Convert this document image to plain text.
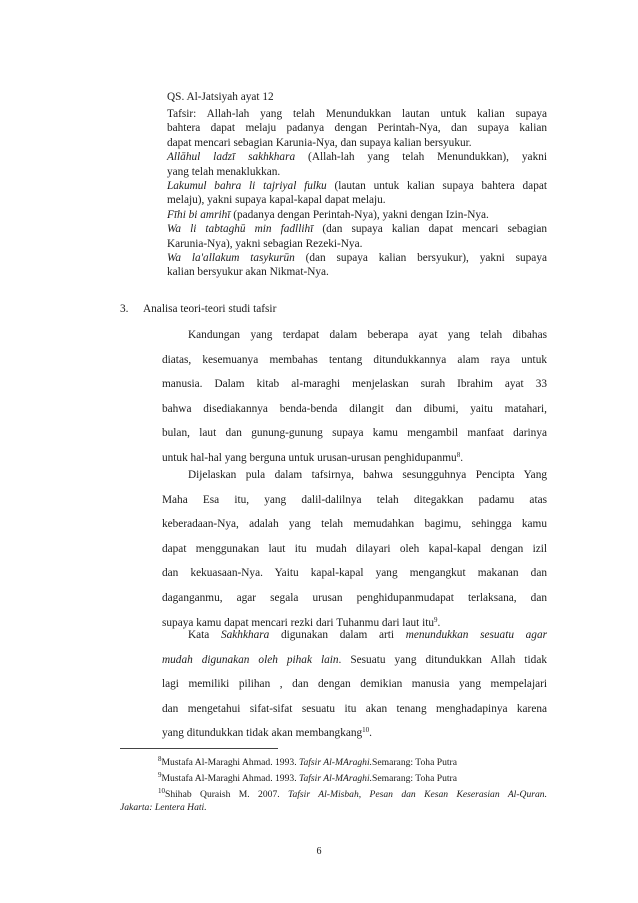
QS. Al-Jatsiyah ayat 12
Tafsir: Allah-lah yang telah Menundukkan lautan untuk kalian supaya
bahtera dapat melaju padanya dengan Perintah-Nya, dan supaya kalian
dapat mencari sebagian Karunia-Nya, dan supaya kalian bersyukur.
Allāhul ladzī sakhkhara (Allah-lah yang telah Menundukkan), yakni
yang telah menaklukkan.
Lakumul bahra li tajriyal fulku (lautan untuk kalian supaya bahtera dapat
melaju), yakni supaya kapal-kapal dapat melaju.
Fīhi bi amrihī (padanya dengan Perintah-Nya), yakni dengan Izin-Nya.
Wa li tabtaghū min fadllihī (dan supaya kalian dapat mencari sebagian
Karunia-Nya), yakni sebagian Rezeki-Nya.
Wa la'allakum tasykurūn (dan supaya kalian bersyukur), yakni supaya
kalian bersyukur akan Nikmat-Nya.
3. Analisa teori-teori studi tafsir
Kandungan yang terdapat dalam beberapa ayat yang telah dibahas
diatas, kesemuanya membahas tentang ditundukkannya alam raya untuk
manusia. Dalam kitab al-maraghi menjelaskan surah Ibrahim ayat 33
bahwa disediakannya benda-benda dilangit dan dibumi, yaitu matahari,
bulan, laut dan gunung-gunung supaya kamu mengambil manfaat darinya
untuk hal-hal yang berguna untuk urusan-urusan penghidupanmu$^8$.
Dijelaskan pula dalam tafsirnya, bahwa sesungguhnya Pencipta Yang
Maha Esa itu, yang dalil-dalilnya telah ditegakkan padamu atas
keberadaan-Nya, adalah yang telah memudahkan bagimu, sehingga kamu
dapat menggunakan laut itu mudah dilayari oleh kapal-kapal dengan izil
dan kekuasaan-Nya. Yaitu kapal-kapal yang mengangkut makanan dan
daganganmu, agar segala urusan penghidupanmudapat terlaksana, dan
supaya kamu dapat mencari rezki dari Tuhanmu dari laut itu$^9$.
Kata Sakhkhara digunakan dalam arti menundukkan sesuatu agar
mudah digunakan oleh pihak lain. Sesuatu yang ditundukkan Allah tidak
lagi memiliki pilihan , dan dengan demikian manusia yang mempelajari
dan mengetahui sifat-sifat sesuatu itu akan tenang menghadapinya karena
yang ditundukkan tidak akan membangkang$^{10}$.
$^8$Mustafa Al-Maraghi Ahmad. 1993. Tafsir Al-MAraghi.Semarang: Toha Putra
$^9$Mustafa Al-Maraghi Ahmad. 1993. Tafsir Al-MAraghi.Semarang: Toha Putra
$^{10}$Shihab Quraish M. 2007. Tafsir Al-Misbah, Pesan dan Kesan Keserasian Al-Quran.
Jakarta: Lentera Hati.
6
